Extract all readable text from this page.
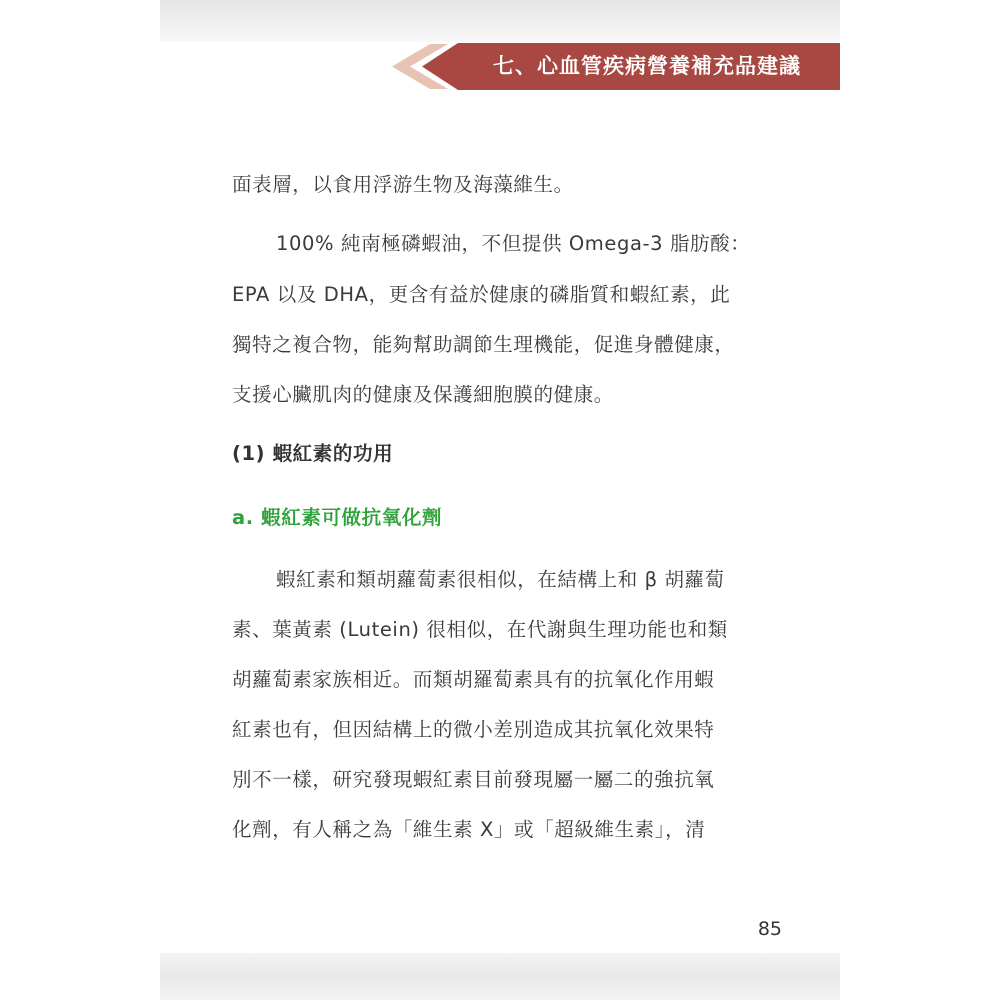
七、心血管疾病營養補充品建議
面表層，以食用浮游生物及海藻維生。
100% 純南極磷蝦油，不但提供 Omega-3 脂肪酸：
EPA 以及 DHA，更含有益於健康的磷脂質和蝦紅素，此
獨特之複合物，能夠幫助調節生理機能，促進身體健康，
支援心臟肌肉的健康及保護細胞膜的健康。
(1) 蝦紅素的功用
a. 蝦紅素可做抗氧化劑
蝦紅素和類胡蘿蔔素很相似，在結構上和 β 胡蘿蔔
素、葉黃素 (Lutein) 很相似，在代謝與生理功能也和類
胡蘿蔔素家族相近。而類胡羅蔔素具有的抗氧化作用蝦
紅素也有，但因結構上的微小差別造成其抗氧化效果特
別不一樣，研究發現蝦紅素目前發現屬一屬二的強抗氧
化劑，有人稱之為「維生素 X」或「超級維生素」，清
85
